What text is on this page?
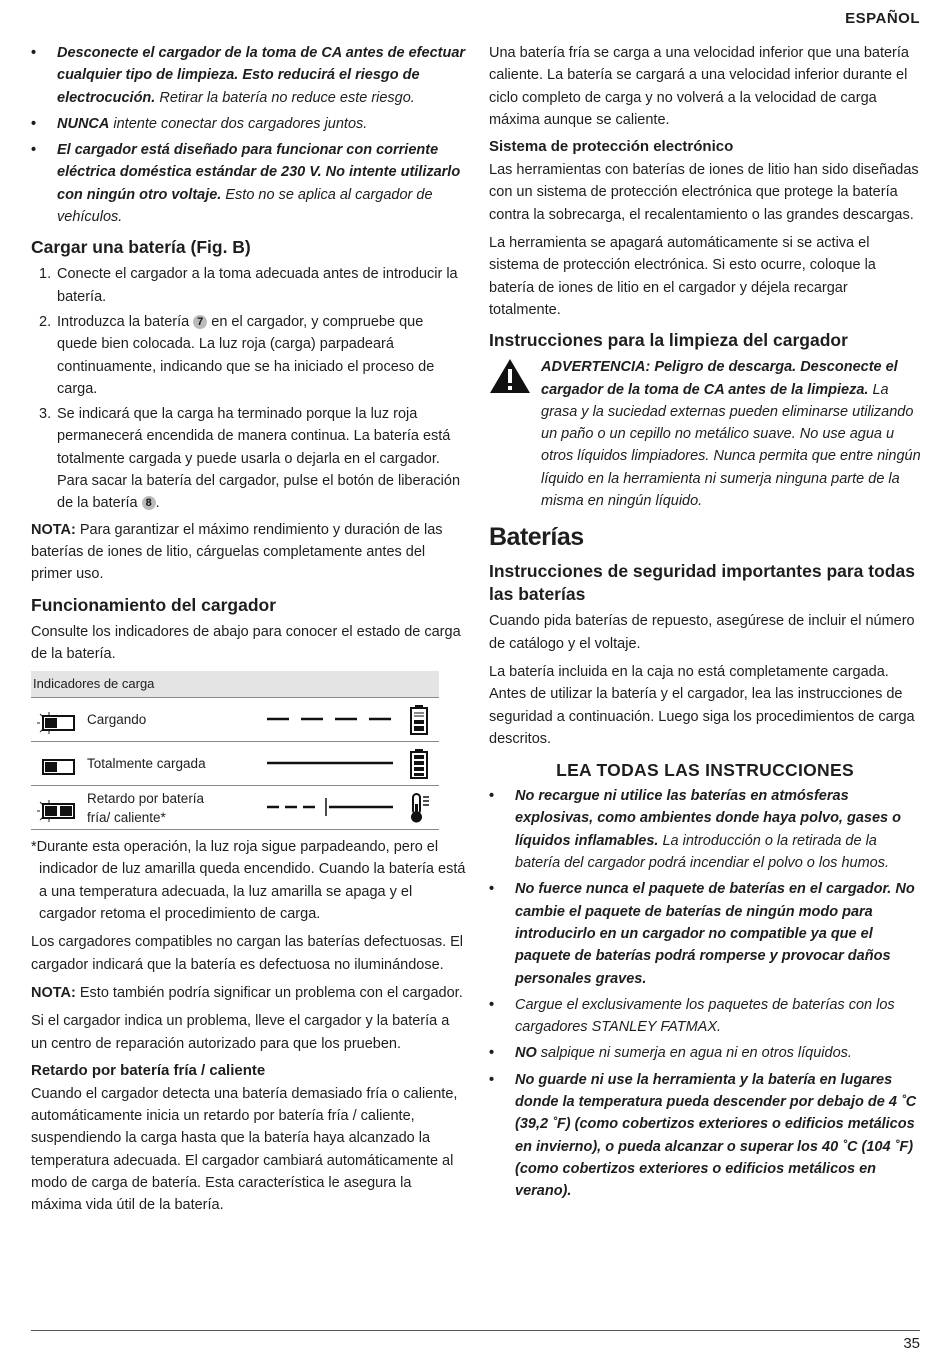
ESPAÑOL
• Desconecte el cargador de la toma de CA antes de efectuar cualquier tipo de limpieza. Esto reducirá el riesgo de electrocución. Retirar la batería no reduce este riesgo.
• NUNCA intente conectar dos cargadores juntos.
• El cargador está diseñado para funcionar con corriente eléctrica doméstica estándar de 230 V. No intente utilizarlo con ningún otro voltaje. Esto no se aplica al cargador de vehículos.
Cargar una batería (Fig. B)
1. Conecte el cargador a la toma adecuada antes de introducir la batería.
2. Introduzca la batería 7 en el cargador, y compruebe que quede bien colocada. La luz roja (carga) parpadeará continuamente, indicando que se ha iniciado el proceso de carga.
3. Se indicará que la carga ha terminado porque la luz roja permanecerá encendida de manera continua. La batería está totalmente cargada y puede usarla o dejarla en el cargador. Para sacar la batería del cargador, pulse el botón de liberación de la batería 8 .

NOTA: Para garantizar el máximo rendimiento y duración de las baterías de iones de litio, cárguelas completamente antes del primer uso.

Funcionamiento del cargador

Consulte los indicadores de abajo para conocer el estado de carga de la batería.

Indicadores de carga
Cargando
Totalmente cargada
Retardo por batería fría/ caliente*

*Durante esta operación, la luz roja sigue parpadeando, pero el indicador de luz amarilla queda encendido. Cuando la batería está a una temperatura adecuada, la luz amarilla se apaga y el cargador retoma el procedimiento de carga.

Los cargadores compatibles no cargan las baterías defectuosas. El cargador indicará que la batería es defectuosa no iluminándose.

NOTA: Esto también podría significar un problema con el cargador.

Si el cargador indica un problema, lleve el cargador y la batería a un centro de reparación autorizado para que los prueben.

Retardo por batería fría / caliente

Cuando el cargador detecta una batería demasiado fría o caliente, automáticamente inicia un retardo por batería fría / caliente, suspendiendo la carga hasta que la batería haya alcanzado la temperatura adecuada. El cargador cambiará automáticamente al modo de carga de batería. Esta característica le asegura la máxima vida útil de la batería.

Una batería fría se carga a una velocidad inferior que una batería caliente. La batería se cargará a una velocidad inferior durante el ciclo completo de carga y no volverá a la velocidad de carga máxima aunque se caliente.

Sistema de protección electrónico

Las herramientas con baterías de iones de litio han sido diseñadas con un sistema de protección electrónica que protege la batería contra la sobrecarga, el recalentamiento o las grandes descargas.

La herramienta se apagará automáticamente si se activa el sistema de protección electrónica. Si esto ocurre, coloque la batería de iones de litio en el cargador y déjela recargar totalmente.

Instrucciones para la limpieza del cargador

ADVERTENCIA: Peligro de descarga. Desconecte el cargador de la toma de CA antes de la limpieza. La grasa y la suciedad externas pueden eliminarse utilizando un paño o un cepillo no metálico suave. No use agua u otros líquidos limpiadores. Nunca permita que entre ningún líquido en la herramienta ni sumerja ninguna parte de la misma en ningún líquido.

Baterías
Instrucciones de seguridad importantes para todas las baterías

Cuando pida baterías de repuesto, asegúrese de incluir el número de catálogo y el voltaje.

La batería incluida en la caja no está completamente cargada. Antes de utilizar la batería y el cargador, lea las instrucciones de seguridad a continuación. Luego siga los procedimientos de carga descritos.

LEA TODAS LAS INSTRUCCIONES
• No recargue ni utilice las baterías en atmósferas explosivas, como ambientes donde haya polvo, gases o líquidos inflamables. La introducción o la retirada de la batería del cargador podrá incendiar el polvo o los humos.
• No fuerce nunca el paquete de baterías en el cargador. No cambie el paquete de baterías de ningún modo para introducirlo en un cargador no compatible ya que el paquete de baterías podrá romperse y provocar daños personales graves.
• Cargue el exclusivamente los paquetes de baterías con los cargadores STANLEY FATMAX.
• NO salpique ni sumerja en agua ni en otros líquidos.
• No guarde ni use la herramienta y la batería en lugares donde la temperatura pueda descender por debajo de 4 ˚C (39,2 ˚F) (como cobertizos exteriores o edificios metálicos en invierno), o pueda alcanzar o superar los 40 ˚C (104 ˚F) (como cobertizos exteriores o edificios metálicos en verano).
35
